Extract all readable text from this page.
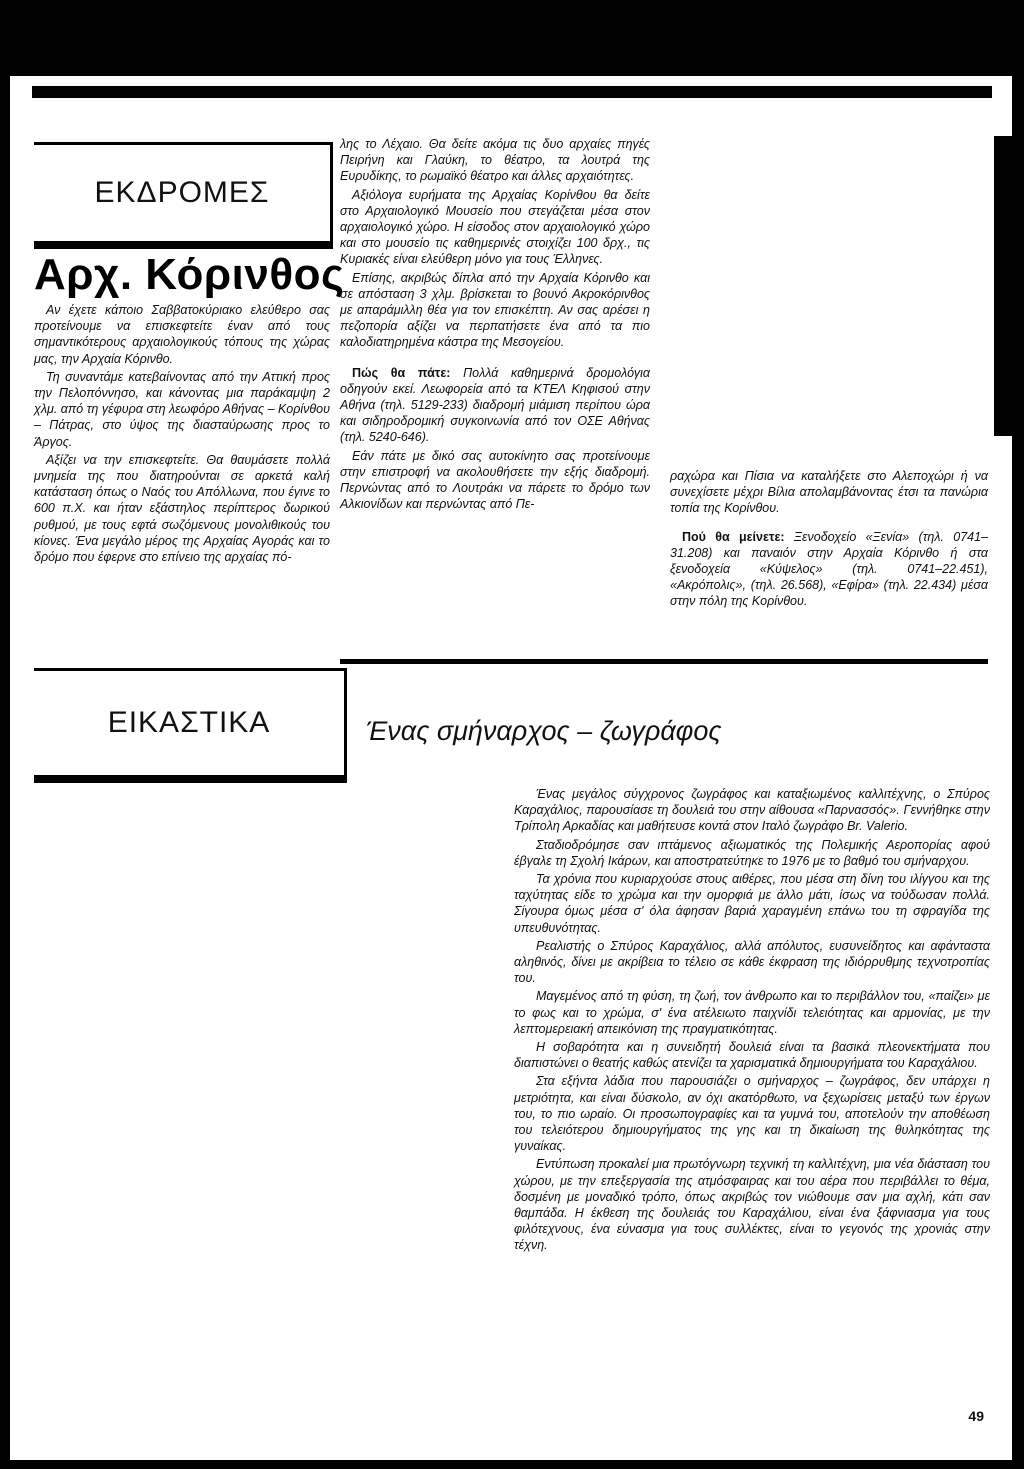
ΕΚΔΡΟΜΕΣ
Αρχ. Κόρινθος

Αν έχετε κάποιο Σαββατοκύριακο ελεύθερο σας προτείνουμε να επισκεφτείτε έναν από τους σημαντικότερους αρχαιολογικούς τόπους της χώρας μας, την Αρχαία Κόρινθο.

Τη συναντάμε κατεβαίνοντας από την Αττική προς την Πελοπόννησο, και κάνοντας μια παράκαμψη 2 χλμ. από τη γέφυρα στη λεωφόρο Αθήνας – Κορίνθου – Πάτρας, στο ύψος της διασταύρωσης προς το Άργος.

Αξίζει να την επισκεφτείτε. Θα θαυμάσετε πολλά μνημεία της που διατηρούνται σε αρκετά καλή κατάσταση όπως ο Ναός του Απόλλωνα, που έγινε το 600 π.Χ. και ήταν εξάστηλος περίπτερος δωρικού ρυθμού, με τους εφτά σωζόμενους μονολιθικούς του κίονες. Ένα μεγάλο μέρος της Αρχαίας Αγοράς και το δρόμο που έφερνε στο επίνειο της αρχαίας πό-

λης το Λέχαιο. Θα δείτε ακόμα τις δυο αρχαίες πηγές Πειρήνη και Γλαύκη, το θέατρο, τα λουτρά της Ευρυδίκης, το ρωμαϊκό θέατρο και άλλες αρχαιότητες.

Αξιόλογα ευρήματα της Αρχαίας Κορίνθου θα δείτε στο Αρχαιολογικό Μουσείο που στεγάζεται μέσα στον αρχαιολογικό χώρο. Η είσοδος στον αρχαιολογικό χώρο και στο μουσείο τις καθημερινές στοιχίζει 100 δρχ., τις Κυριακές είναι ελεύθερη μόνο για τους Έλληνες.

Επίσης, ακριβώς δίπλα από την Αρχαία Κόρινθο και σε απόσταση 3 χλμ. βρίσκεται το βουνό Ακροκόρινθος με απαράμιλλη θέα για τον επισκέπτη. Αν σας αρέσει η πεζοπορία αξίζει να περπατήσετε ένα από τα πιο καλοδιατηρημένα κάστρα της Μεσογείου.

Πώς θα πάτε: Πολλά καθημερινά δρομολόγια οδηγούν εκεί. Λεωφορεία από τα ΚΤΕΛ Κηφισού στην Αθήνα (τηλ. 5129-233) διαδρομή μιάμιση περίπου ώρα και σιδηροδρομική συγκοινωνία από τον ΟΣΕ Αθήνας (τηλ. 5240-646).

Εάν πάτε με δικό σας αυτοκίνητο σας προτείνουμε στην επιστροφή να ακολουθήσετε την εξής διαδρομή. Περνώντας από το Λουτράκι να πάρετε το δρόμο των Αλκιονίδων και περνώντας από Πε-

ραχώρα και Πίσια να καταλήξετε στο Αλεποχώρι ή να συνεχίσετε μέχρι Βίλια απολαμβάνοντας έτσι τα πανώρια τοπία της Κορίνθου.

Πού θα μείνετε: Ξενοδοχείο «Ξενία» (τηλ. 0741–31.208) και παναιόν στην Αρχαία Κόρινθο ή στα ξενοδοχεία «Κύψελος» (τηλ. 0741–22.451), «Ακρόπολις», (τηλ. 26.568), «Εφίρα» (τηλ. 22.434) μέσα στην πόλη της Κορίνθου.

ΕΙΚΑΣΤΙΚΑ	Ένας σμήναρχος – ζωγράφος

Ένας μεγάλος σύγχρονος ζωγράφος και καταξιωμένος καλλιτέχνης, ο Σπύρος Καραχάλιος, παρουσίασε τη δουλειά του στην αίθουσα «Παρνασσός». Γεννήθηκε στην Τρίπολη Αρκαδίας και μαθήτευσε κοντά στον Ιταλό ζωγράφο Br. Valerio.

Σταδιοδρόμησε σαν ιπτάμενος αξιωματικός της Πολεμικής Αεροπορίας αφού έβγαλε τη Σχολή Ικάρων, και αποστρατεύτηκε το 1976 με το βαθμό του σμήναρχου.

Τα χρόνια που κυριαρχούσε στους αιθέρες, που μέσα στη δίνη του ιλίγγου και της ταχύτητας είδε το χρώμα και την ομορφιά με άλλο μάτι, ίσως να τούδωσαν πολλά. Σίγουρα όμως μέσα σ' όλα άφησαν βαριά χαραγμένη επάνω του τη σφραγίδα της υπευθυνότητας.

Ρεαλιστής ο Σπύρος Καραχάλιος, αλλά απόλυτος, ευσυνείδητος και αφάνταστα αληθινός, δίνει με ακρίβεια το τέλειο σε κάθε έκφραση της ιδιόρρυθμης τεχνοτροπίας του.

Μαγεμένος από τη φύση, τη ζωή, τον άνθρωπο και το περιβάλλον του, «παίζει» με το φως και το χρώμα, σ' ένα ατέλειωτο παιχνίδι τελειότητας και αρμονίας, με την λεπτομερειακή απεικόνιση της πραγματικότητας.

Η σοβαρότητα και η συνειδητή δουλειά είναι τα βασικά πλεονεκτήματα που διαπιστώνει ο θεατής καθώς ατενίζει τα χαρισματικά δημιουργήματα του Καραχάλιου.

Στα εξήντα λάδια που παρουσιάζει ο σμήναρχος – ζωγράφος, δεν υπάρχει η μετριότητα, και είναι δύσκολο, αν όχι ακατόρθωτο, να ξεχωρίσεις μεταξύ των έργων του, το πιο ωραίο. Οι προσωπογραφίες και τα γυμνά του, αποτελούν την αποθέωση του τελειότερου δημιουργήματος της γης και τη δικαίωση της θυληκότητας της γυναίκας.

Εντύπωση προκαλεί μια πρωτόγνωρη τεχνική τη καλλιτέχνη, μια νέα διάσταση του χώρου, με την επεξεργασία της ατμόσφαιρας και του αέρα που περιβάλλει το θέμα, δοσμένη με μοναδικό τρόπο, όπως ακριβώς τον νιώθουμε σαν μια αχλή, κάτι σαν θαμπάδα. Η έκθεση της δουλειάς του Καραχάλιου, είναι ένα ξάφνιασμα για τους φιλότεχνους, ένα εύνασμα για τους συλλέκτες, είναι το γεγονός της χρονιάς στην τέχνη.

49
